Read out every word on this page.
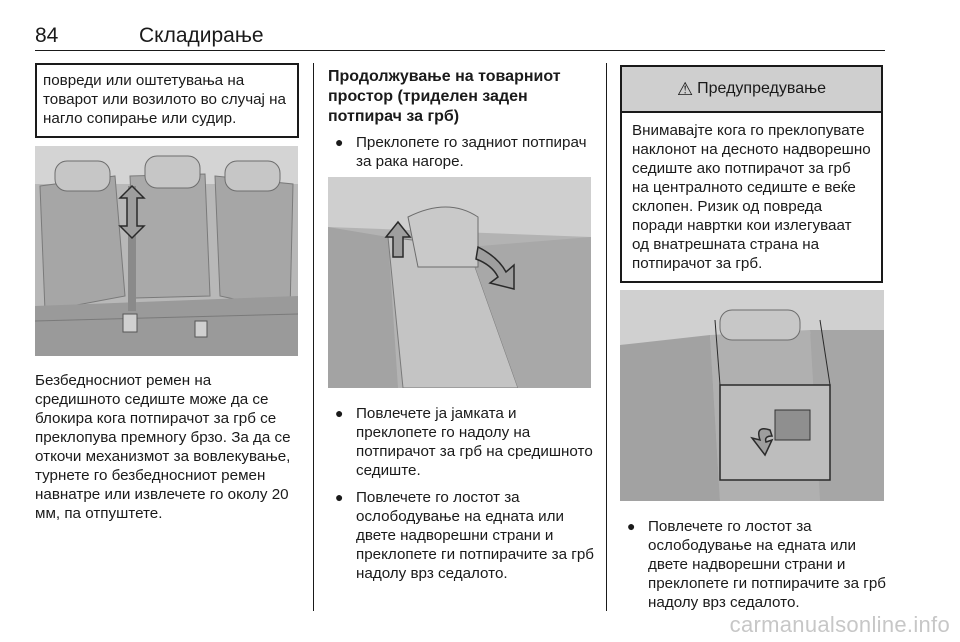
84	Складирање

повреди или оштетувања на товарот или возилото во случај на нагло сопирање или судир.

Безбедносниот ремен на средишното седиште може да се блокира кога потпирачот за грб се преклопува премногу брзо. За да се откочи механизмот за вовлекување, турнете го безбедносниот ремен навнатре или извлечете го околу 20 мм, па отпуштете.

Продолжување на товарниот простор (триделен заден потпирач за грб)

● Преклопете го задниот потпирач за рака нагоре.
● Повлечете ја јамката и преклопете го надолу на потпирачот за грб на средишното седиште.
● Повлечете го лостот за ослободување на едната или двете надворешни страни и преклопете ги потпирачите за грб надолу врз седалото.
⚠ Предупредување
Внимавајте кога го преклопувате наклонот на десното надворешно седиште ако потпирачот за грб на централното седиште е веќе склопен. Ризик од повреда поради навртки кои излегуваат од внатрешната страна на потпирачот за грб.
● Повлечете го лостот за ослободување на едната или двете надворешни страни и преклопете ги потпирачите за грб надолу врз седалото.
carmanualsonline.info
